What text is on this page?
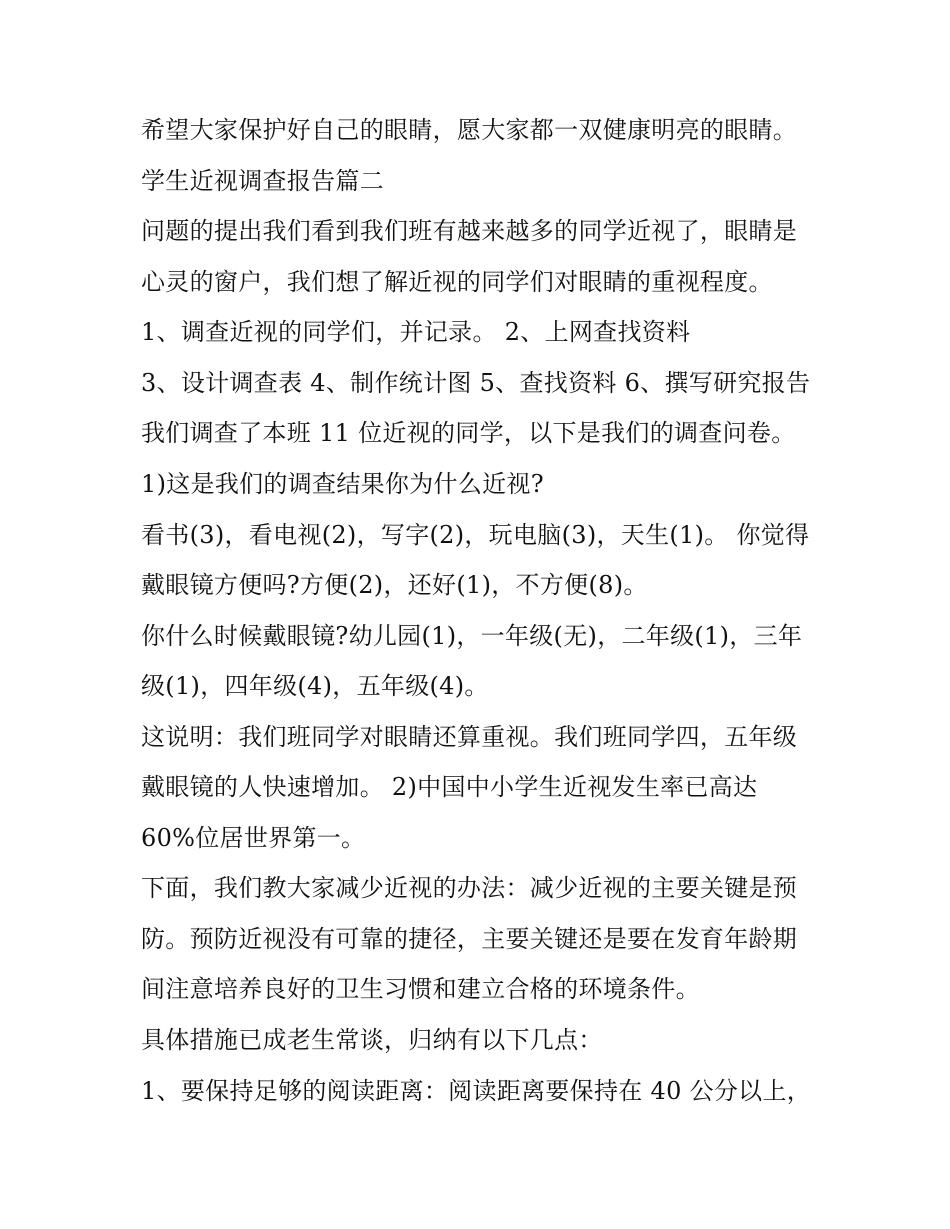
希望大家保护好自己的眼睛，愿大家都一双健康明亮的眼睛。
学生近视调查报告篇二
问题的提出我们看到我们班有越来越多的同学近视了，眼睛是
心灵的窗户，我们想了解近视的同学们对眼睛的重视程度。
1、调查近视的同学们，并记录。 2、上网查找资料
3、设计调查表 4、制作统计图 5、查找资料 6、撰写研究报告
我们调查了本班 11 位近视的同学，以下是我们的调查问卷。
1)这是我们的调查结果你为什么近视?
看书(3)，看电视(2)，写字(2)，玩电脑(3)，天生(1)。 你觉得
戴眼镜方便吗?方便(2)，还好(1)，不方便(8)。
你什么时候戴眼镜?幼儿园(1)，一年级(无)，二年级(1)，三年
级(1)，四年级(4)，五年级(4)。
这说明：我们班同学对眼睛还算重视。我们班同学四，五年级
戴眼镜的人快速增加。 2)中国中小学生近视发生率已高达
60%位居世界第一。
下面，我们教大家减少近视的办法：减少近视的主要关键是预
防。预防近视没有可靠的捷径，主要关键还是要在发育年龄期
间注意培养良好的卫生习惯和建立合格的环境条件。
具体措施已成老生常谈，归纳有以下几点：
1、要保持足够的阅读距离：阅读距离要保持在 40 公分以上，
